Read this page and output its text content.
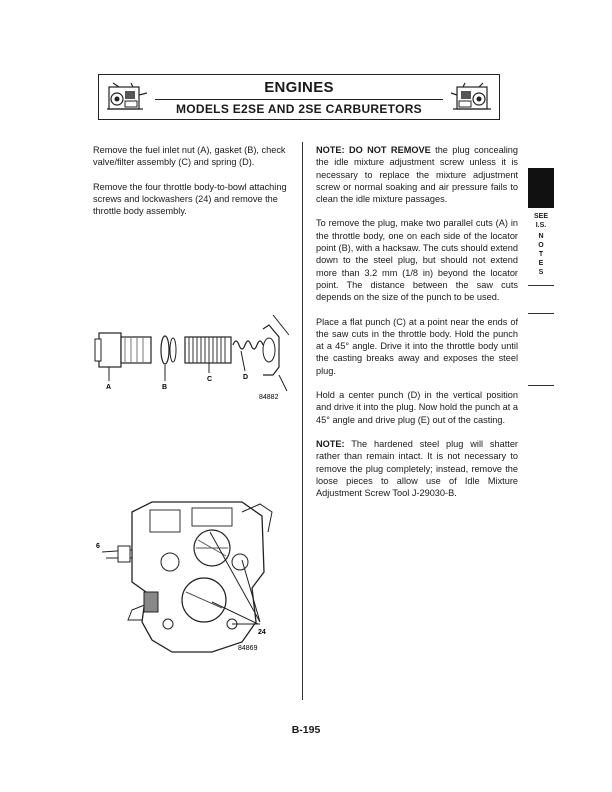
ENGINES
MODELS E2SE AND 2SE CARBURETORS

Remove the fuel inlet nut (A), gasket (B), check valve/filter assembly (C) and spring (D).

Remove the four throttle body-to-bowl attaching screws and lockwashers (24) and remove the throttle body assembly.

A	B
C	D
84882
6
24
84869

NOTE: DO NOT REMOVE the plug concealing the idle mixture adjustment screw unless it is necessary to replace the mixture adjustment screw or normal soaking and air pressure fails to clean the idle mixture passages.

To remove the plug, make two parallel cuts (A) in the throttle body, one on each side of the locator point (B), with a hacksaw. The cuts should extend down to the steel plug, but should not extend more than 3.2 mm (1/8 in) beyond the locator point. The distance between the saw cuts depends on the size of the punch to be used.

Place a flat punch (C) at a point near the ends of the saw cuts in the throttle body. Hold the punch at a 45° angle. Drive it into the throttle body until the casting breaks away and exposes the steel plug.

Hold a center punch (D) in the vertical position and drive it into the plug. Now hold the punch at a 45° angle and drive plug (E) out of the casting.

NOTE: The hardened steel plug will shatter rather than remain intact. It is not necessary to remove the plug completely; instead, remove the loose pieces to allow use of Idle Mixture Adjustment Screw Tool J-29030-B.

SEE
I.S.
N
O
T
E
S
B-195
